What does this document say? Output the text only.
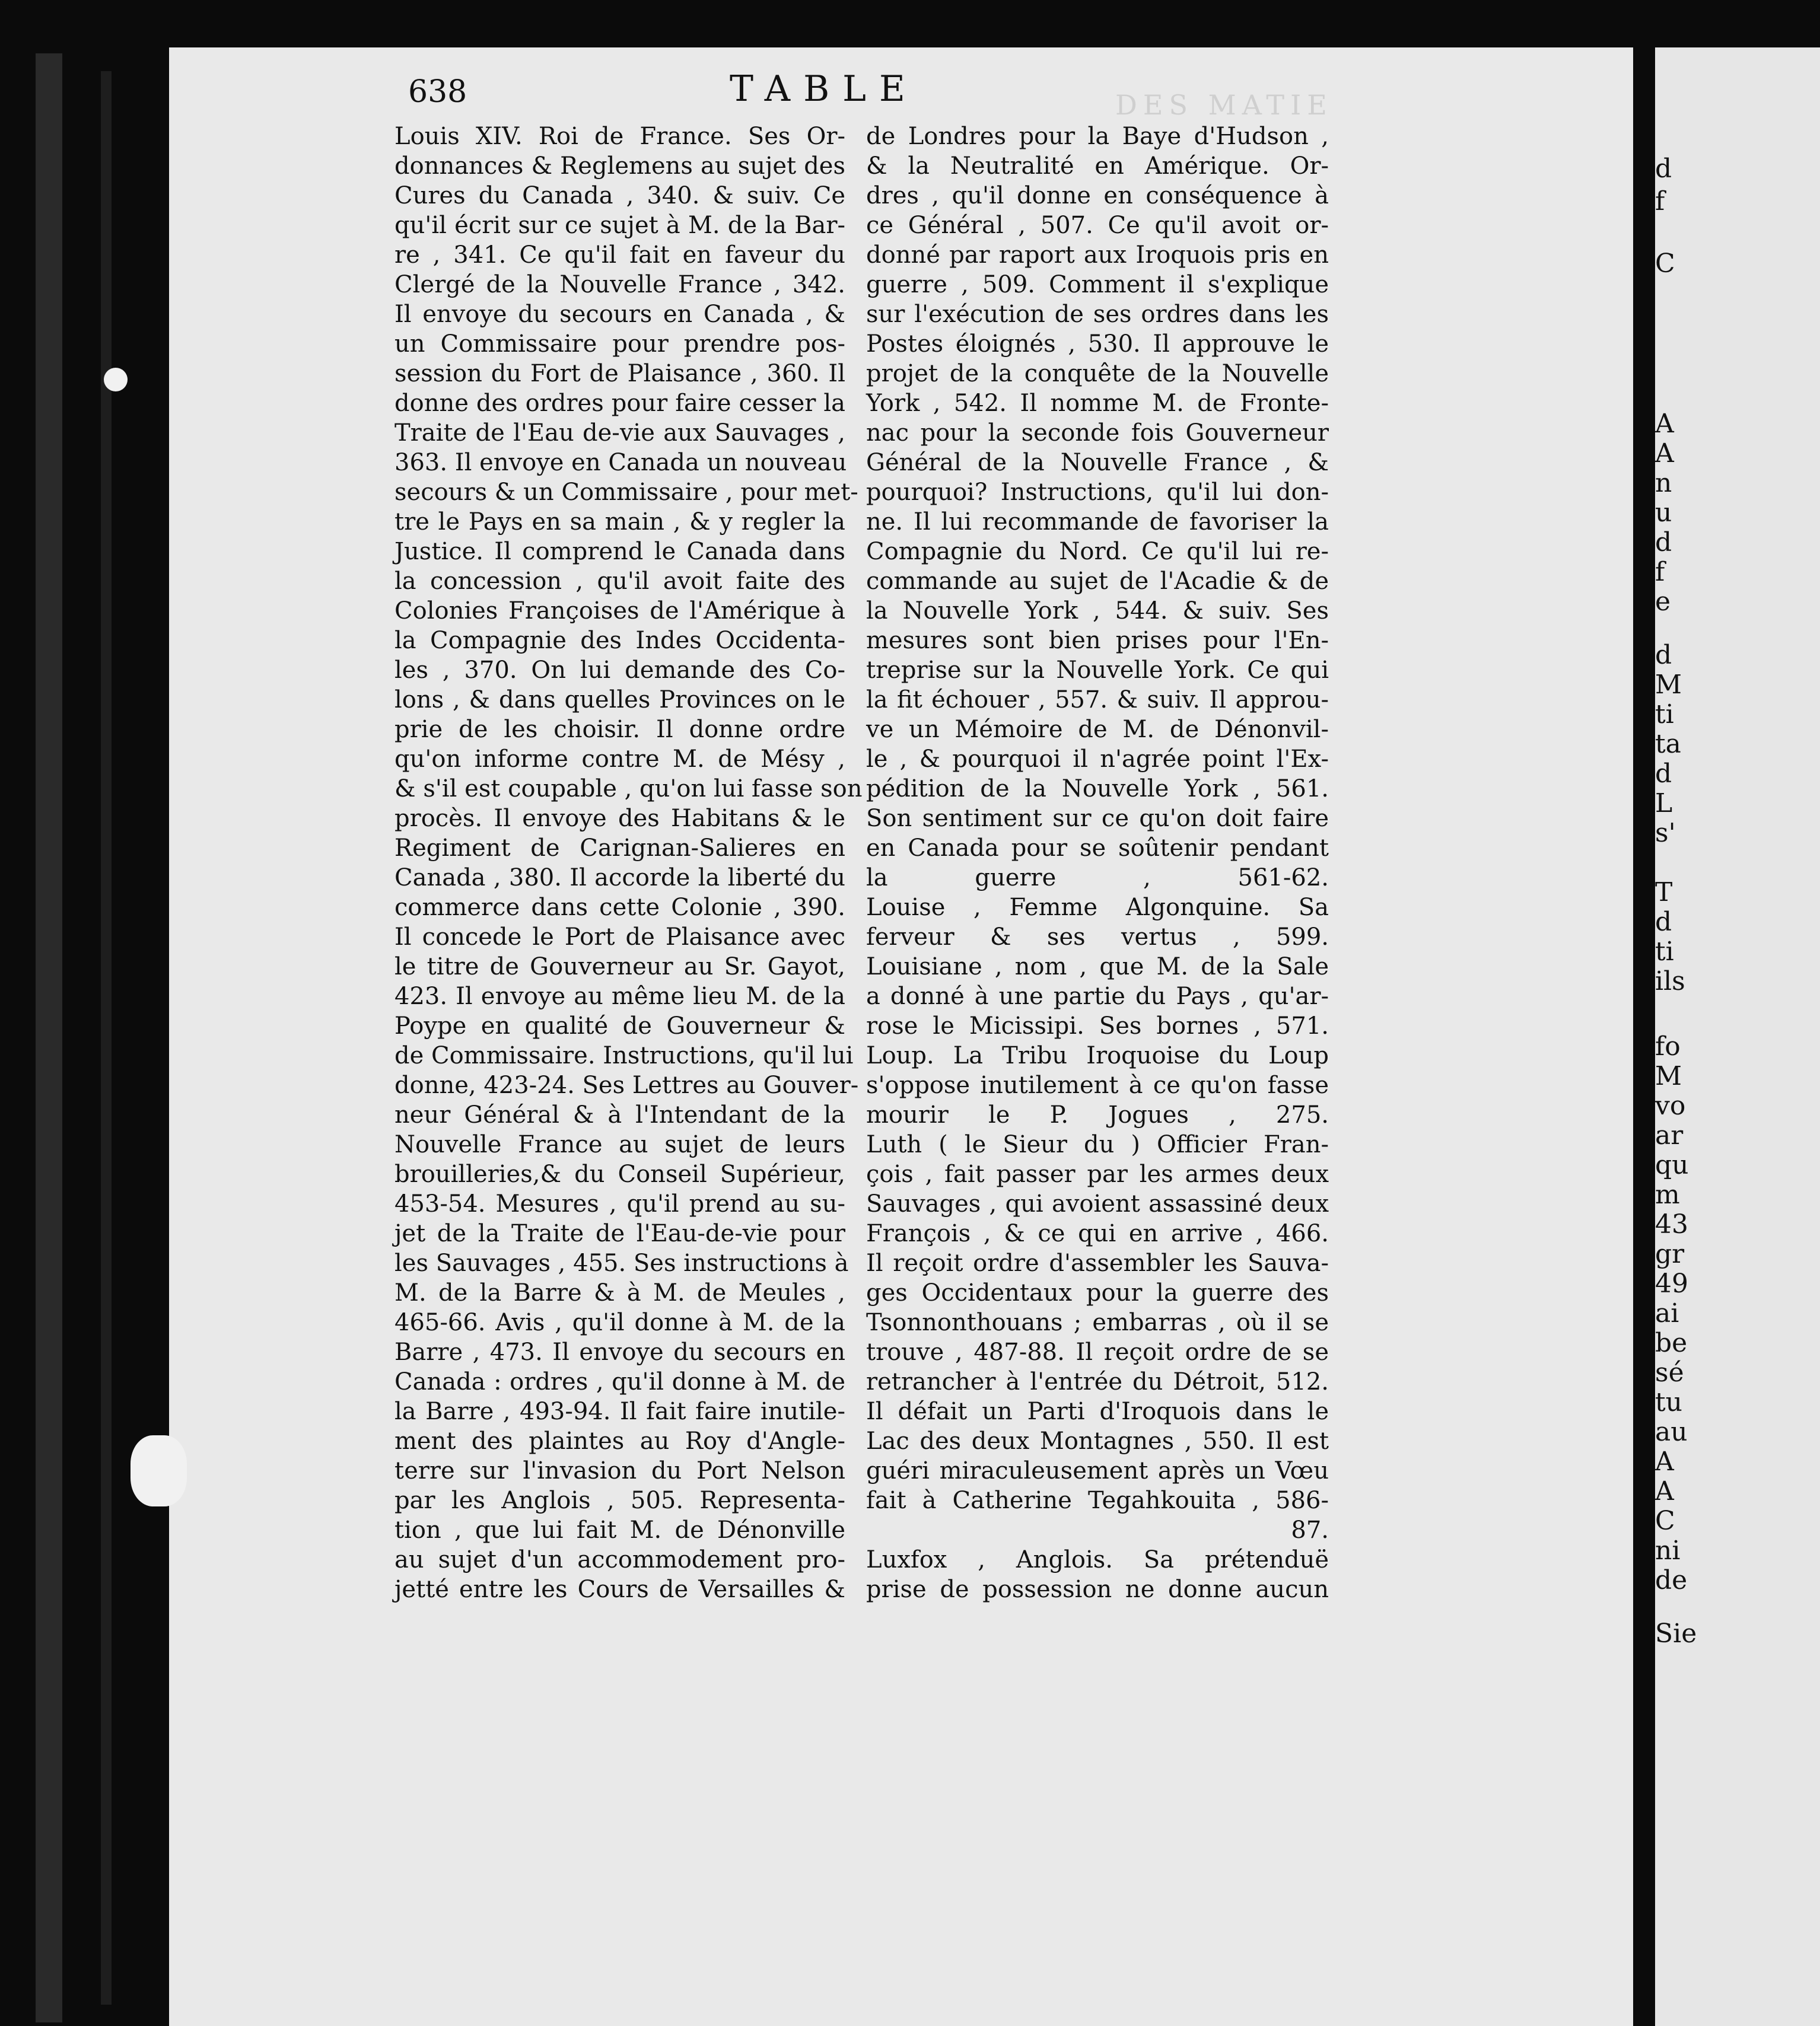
638	TABLE	DES MATIE

Louis XIV. Roi de France. Ses Or-
donnances & Reglemens au sujet des
Cures du Canada , 340. & suiv. Ce
qu'il écrit sur ce sujet à M. de la Bar-
re , 341. Ce qu'il fait en faveur du
Clergé de la Nouvelle France , 342.
Il envoye du secours en Canada , &
un Commissaire pour prendre pos-
session du Fort de Plaisance , 360. Il
donne des ordres pour faire cesser la
Traite de l'Eau de-vie aux Sauvages ,
363. Il envoye en Canada un nouveau
secours & un Commissaire , pour met-
tre le Pays en sa main , & y regler la
Justice. Il comprend le Canada dans
la concession , qu'il avoit faite des
Colonies Françoises de l'Amérique à
la Compagnie des Indes Occidenta-
les , 370. On lui demande des Co-
lons , & dans quelles Provinces on le
prie de les choisir. Il donne ordre
qu'on informe contre M. de Mésy ,
& s'il est coupable , qu'on lui fasse son
procès. Il envoye des Habitans & le
Regiment de Carignan-Salieres en
Canada , 380. Il accorde la liberté du
commerce dans cette Colonie , 390.
Il concede le Port de Plaisance avec
le titre de Gouverneur au Sr. Gayot,
423. Il envoye au même lieu M. de la
Poype en qualité de Gouverneur &
de Commissaire. Instructions, qu'il lui
donne, 423-24. Ses Lettres au Gouver-
neur Général & à l'Intendant de la
Nouvelle France au sujet de leurs
brouilleries,& du Conseil Supérieur,
453-54. Mesures , qu'il prend au su-
jet de la Traite de l'Eau-de-vie pour
les Sauvages , 455. Ses instructions à
M. de la Barre & à M. de Meules ,
465-66. Avis , qu'il donne à M. de la
Barre , 473. Il envoye du secours en
Canada : ordres , qu'il donne à M. de
la Barre , 493-94. Il fait faire inutile-
ment des plaintes au Roy d'Angle-
terre sur l'invasion du Port Nelson
par les Anglois , 505. Representa-
tion , que lui fait M. de Dénonville
au sujet d'un accommodement pro-
jetté entre les Cours de Versailles &
de Londres pour la Baye d'Hudson ,
& la Neutralité en Amérique. Or-
dres , qu'il donne en conséquence à
ce Général , 507. Ce qu'il avoit or-
donné par raport aux Iroquois pris en
guerre , 509. Comment il s'explique
sur l'exécution de ses ordres dans les
Postes éloignés , 530. Il approuve le
projet de la conquête de la Nouvelle
York , 542. Il nomme M. de Fronte-
nac pour la seconde fois Gouverneur
Général de la Nouvelle France , &
pourquoi? Instructions, qu'il lui don-
ne. Il lui recommande de favoriser la
Compagnie du Nord. Ce qu'il lui re-
commande au sujet de l'Acadie & de
la Nouvelle York , 544. & suiv. Ses
mesures sont bien prises pour l'En-
treprise sur la Nouvelle York. Ce qui
la fit échouer , 557. & suiv. Il approu-
ve un Mémoire de M. de Dénonvil-
le , & pourquoi il n'agrée point l'Ex-
pédition de la Nouvelle York , 561.
Son sentiment sur ce qu'on doit faire
en Canada pour se soûtenir pendant
la guerre , 561-62.
Louise , Femme Algonquine. Sa
ferveur & ses vertus , 599.
Louisiane , nom , que M. de la Sale
a donné à une partie du Pays , qu'ar-
rose le Micissipi. Ses bornes , 571.
Loup. La Tribu Iroquoise du Loup
s'oppose inutilement à ce qu'on fasse
mourir le P. Jogues , 275.
Luth ( le Sieur du ) Officier Fran-
çois , fait passer par les armes deux
Sauvages , qui avoient assassiné deux
François , & ce qui en arrive , 466.
Il reçoit ordre d'assembler les Sauva-
ges Occidentaux pour la guerre des
Tsonnonthouans ; embarras , où il se
trouve , 487-88. Il reçoit ordre de se
retrancher à l'entrée du Détroit, 512.
Il défait un Parti d'Iroquois dans le
Lac des deux Montagnes , 550. Il est
guéri miraculeusement après un Vœu
fait à Catherine Tegahkouita , 586-
87.
Luxfox , Anglois. Sa prétenduë
prise de possession ne donne aucun

d

f

C

A

A

n

u

d

f

e

d

M

ti

ta

d

L

s'

T

d

ti

ils

fo

M

vo

ar

qu

m

43

gr

49

ai

be

sé

tu

au

A

A

C

ni

de

Sie
